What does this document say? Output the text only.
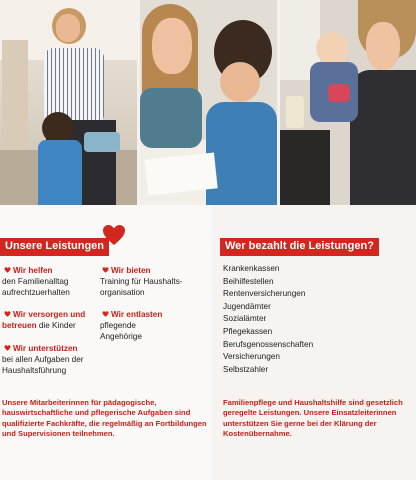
Unsere Leistungen
Wir helfen
den Familienalltag
aufrechtzuerhalten
Wir versorgen und
betreuen die Kinder
Wir unterstützen
bei allen Aufgaben der
Haushaltsführung
Wir bieten
Training für Haushalts-
organisation
Wir entlasten
pflegende
Angehörige
Unsere Mitarbeiterinnen für pädagogische, hauswirtschaftliche und pflegerische Aufgaben sind qualifizierte Fachkräfte, die regelmäßig an Fortbildungen und Supervisionen teilnehmen.
Wer bezahlt die Leistungen?
Krankenkassen
Beihilfestellen
Rentenversicherungen
Jugendämter
Sozialämter
Pflegekassen
Berufsgenossenschaften
Versicherungen
Selbstzahler
Familienpflege und Haushaltshilfe sind gesetzlich geregelte Leistungen. Unsere Einsatzleiterinnen unterstützen Sie gerne bei der Klärung der Kostenübernahme.
